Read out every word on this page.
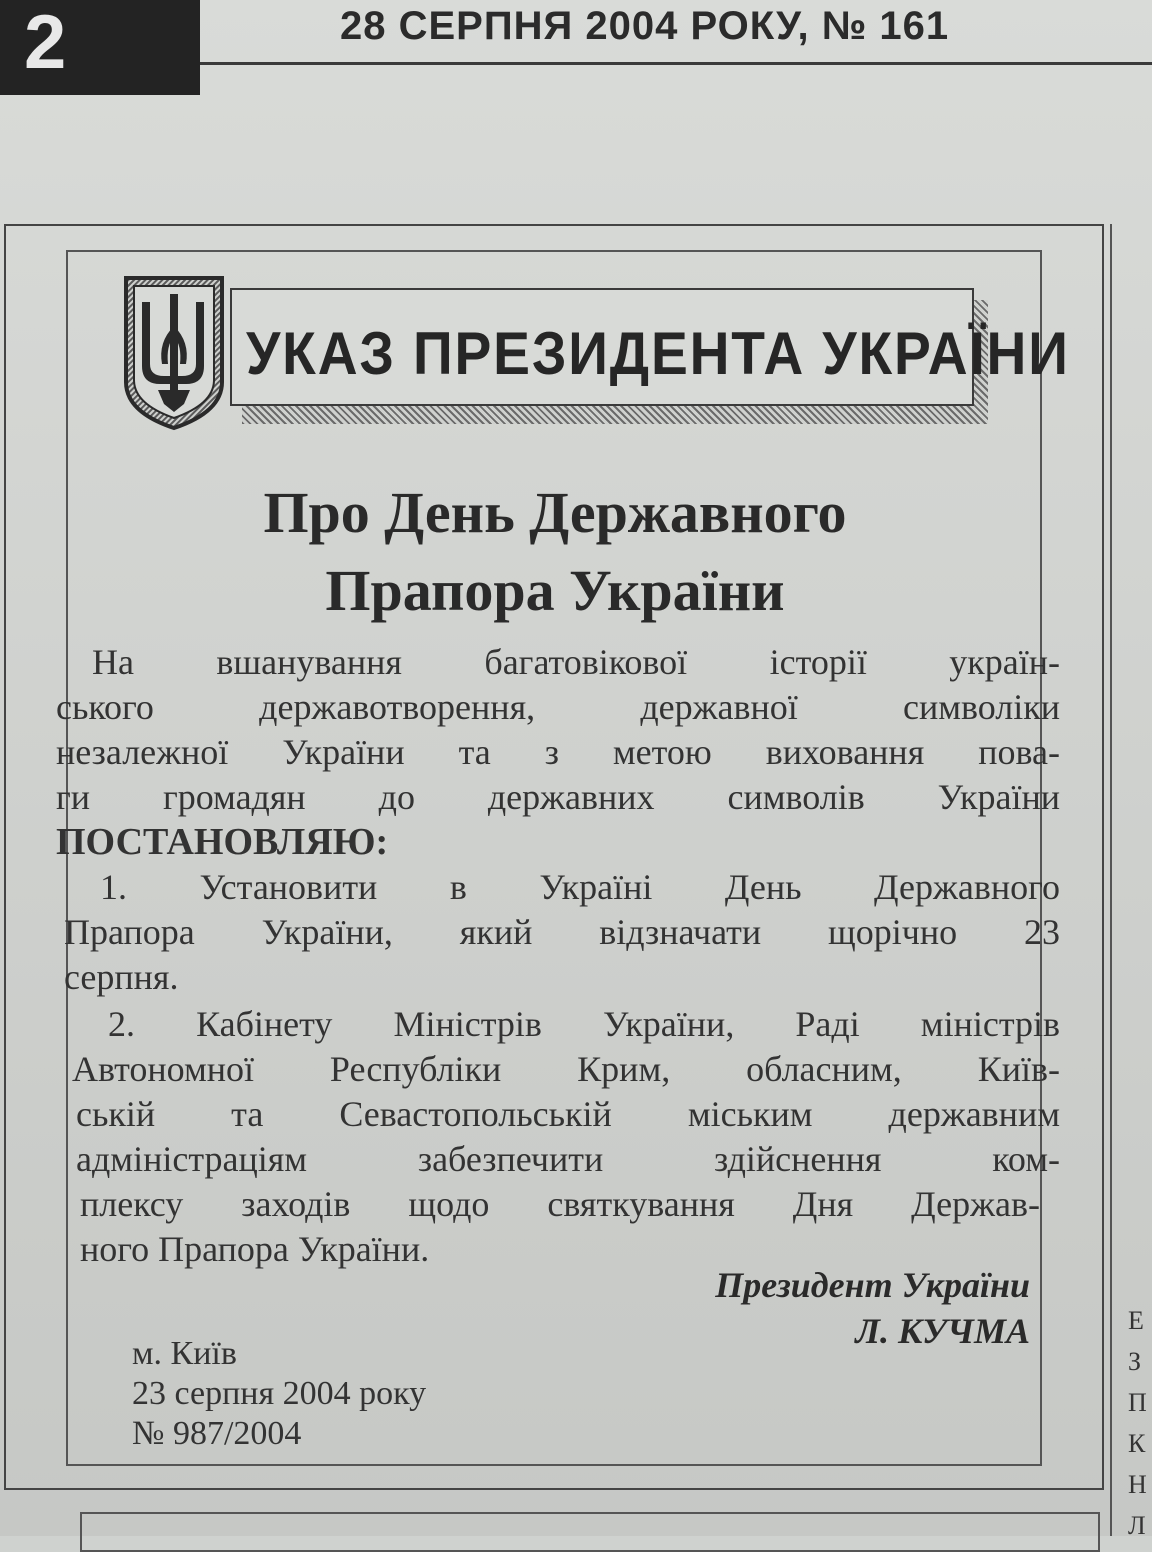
2	28 СЕРПНЯ 2004 РОКУ, № 161
Е
З
П
К
Н
Л
УКАЗ ПРЕЗИДЕНТА УКРАЇНИ
Про День Державного
Прапора України

На вшанування багатовікової історії україн-

ського державотворення, державної символіки

незалежної України та з метою виховання пова-

ги громадян до державних символів України

ПОСТАНОВЛЯЮ:

1. Установити в Україні День Державного

Прапора України, який відзначати щорічно 23

серпня.

2. Кабінету Міністрів України, Раді міністрів

Автономної Республіки Крим, обласним, Київ-

ській та Севастопольській міським державним

адміністраціям забезпечити здійснення ком-

плексу заходів щодо святкування Дня Держав-

ного Прапора України.

Президент України
Л. КУЧМА
м. Київ
23 серпня 2004 року
№ 987/2004
